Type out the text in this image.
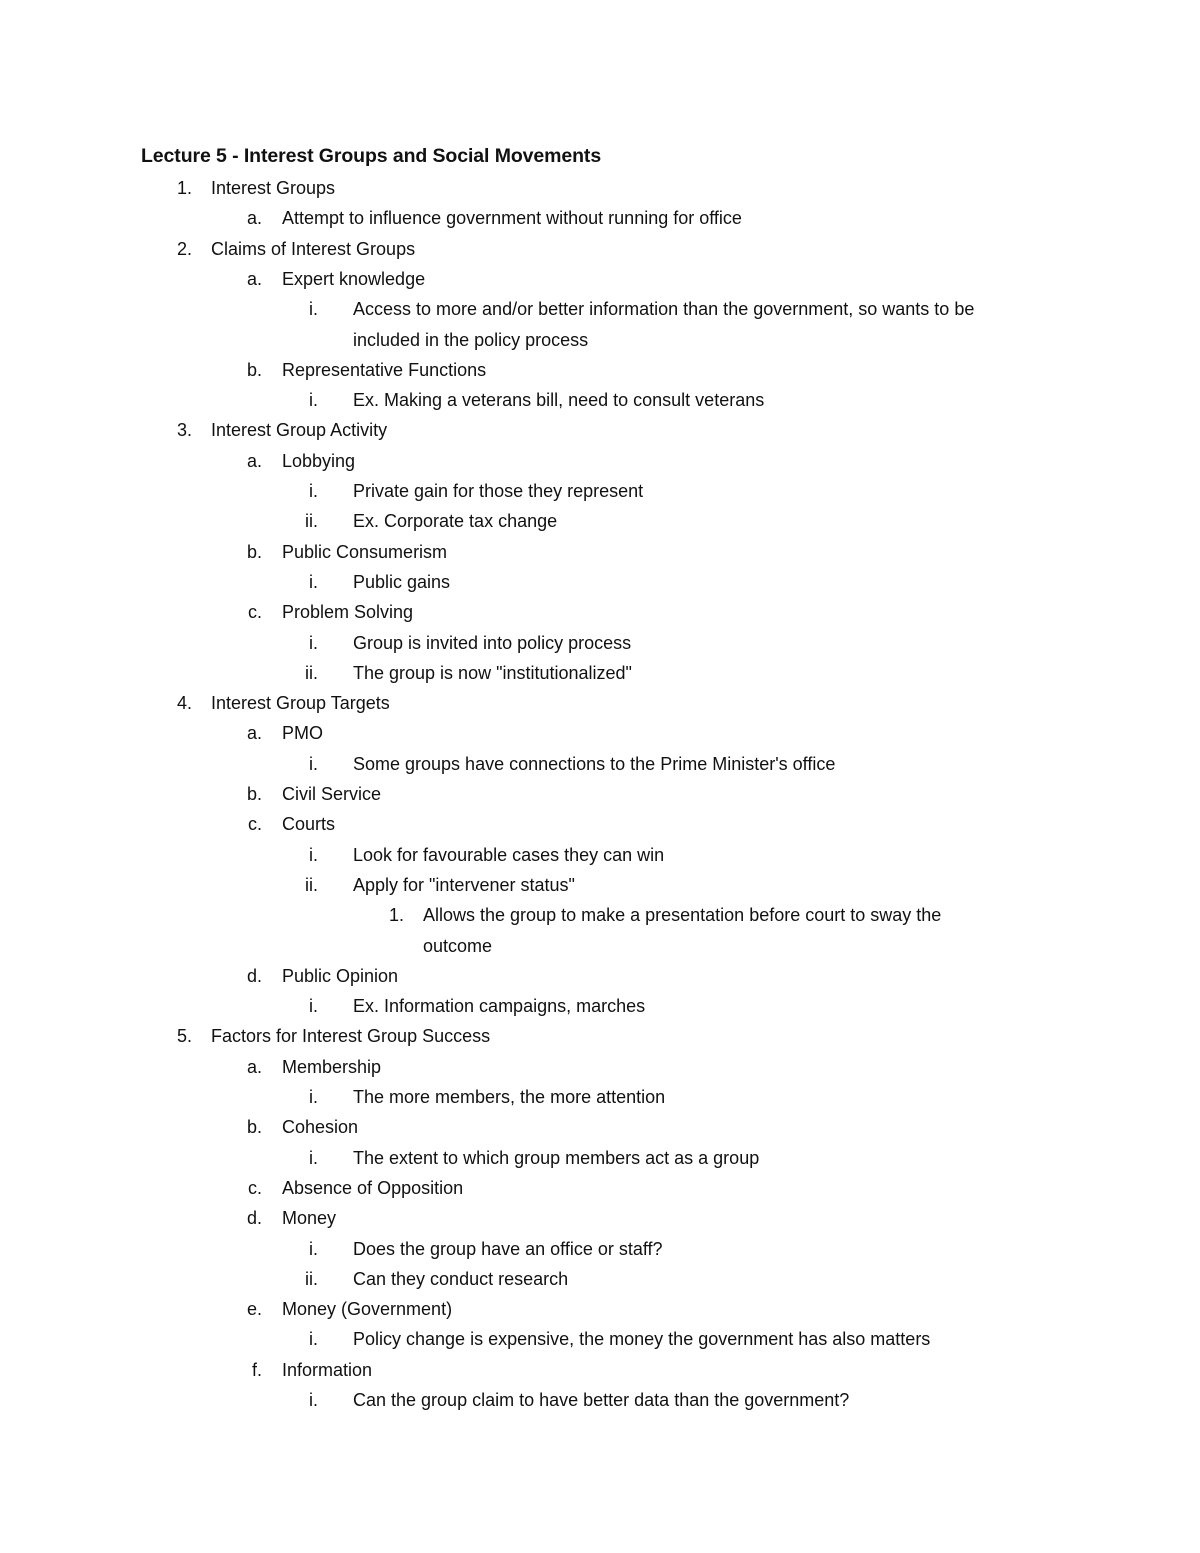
Lecture 5 - Interest Groups and Social Movements
1. Interest Groups
a. Attempt to influence government without running for office
2. Claims of Interest Groups
a. Expert knowledge
i. Access to more and/or better information than the government, so wants to be
included in the policy process
b. Representative Functions
i. Ex. Making a veterans bill, need to consult veterans
3. Interest Group Activity
a. Lobbying
i. Private gain for those they represent
ii. Ex. Corporate tax change
b. Public Consumerism
i. Public gains
c. Problem Solving
i. Group is invited into policy process
ii. The group is now "institutionalized"
4. Interest Group Targets
a. PMO
i. Some groups have connections to the Prime Minister's office
b. Civil Service
c. Courts
i. Look for favourable cases they can win
ii. Apply for "intervener status"
1. Allows the group to make a presentation before court to sway the
outcome
d. Public Opinion
i. Ex. Information campaigns, marches
5. Factors for Interest Group Success
a. Membership
i. The more members, the more attention
b. Cohesion
i. The extent to which group members act as a group
c. Absence of Opposition
d. Money
i. Does the group have an office or staff?
ii. Can they conduct research
e. Money (Government)
i. Policy change is expensive, the money the government has also matters
f. Information
i. Can the group claim to have better data than the government?
